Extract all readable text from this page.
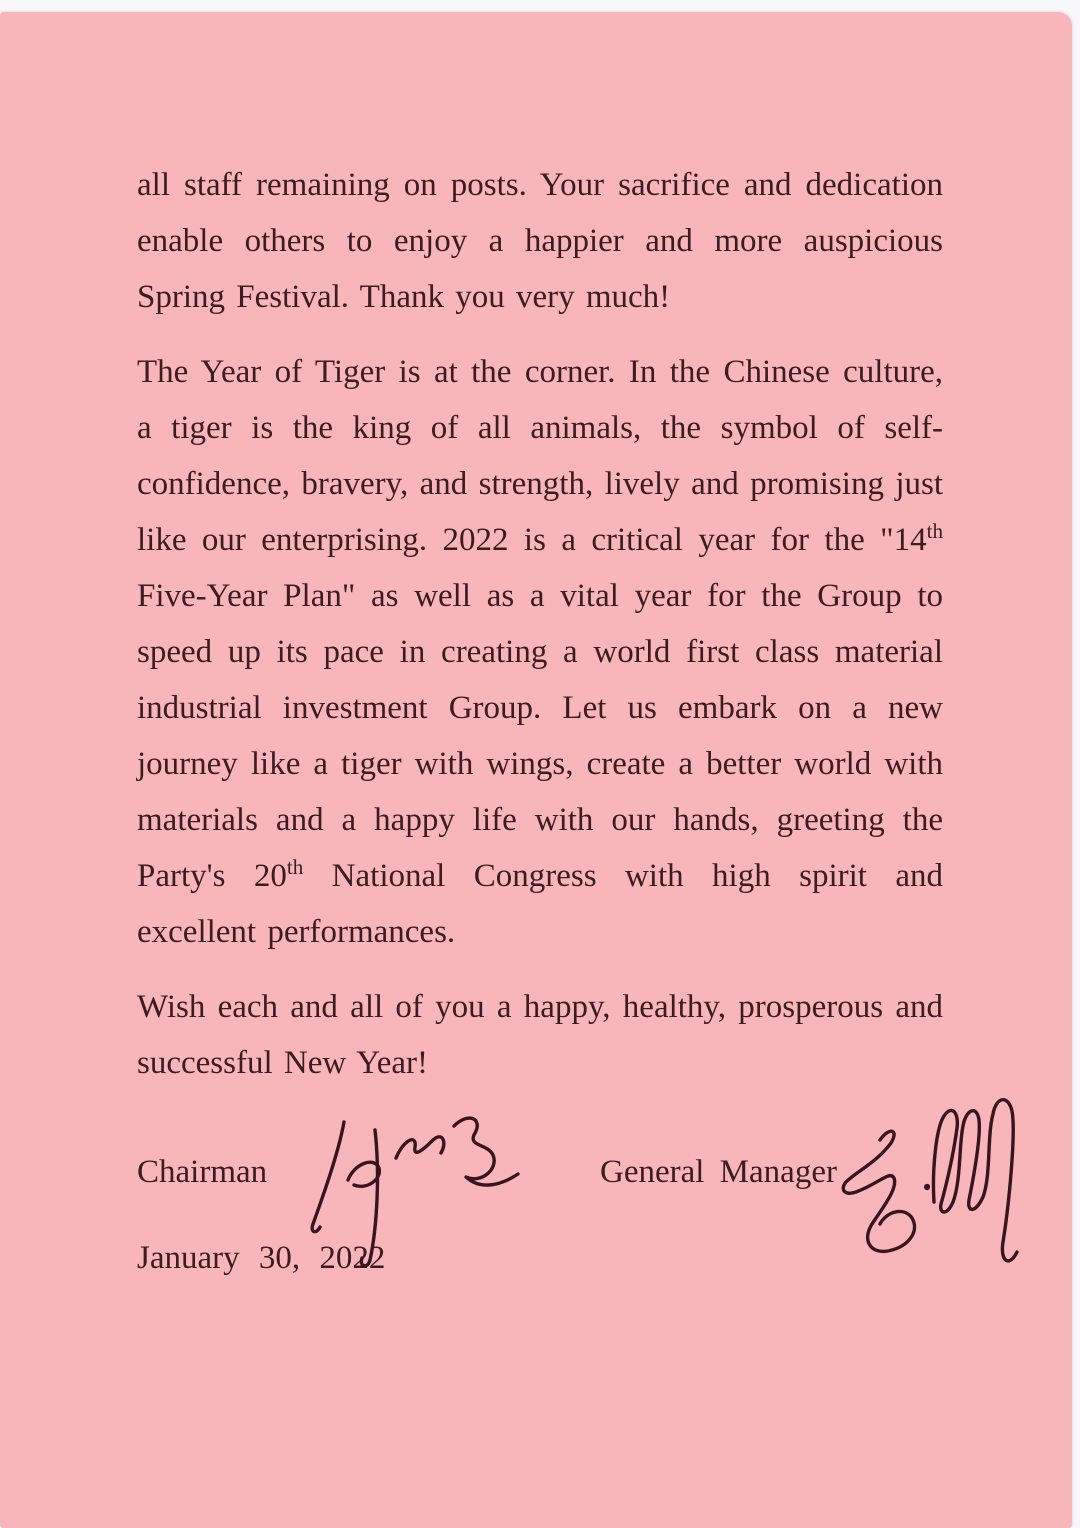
all staff remaining on posts. Your sacrifice and dedication enable others to enjoy a happier and more auspicious Spring Festival. Thank you very much!

The Year of Tiger is at the corner. In the Chinese culture, a tiger is the king of all animals, the symbol of self-confidence, bravery, and strength, lively and promising just like our enterprising. 2022 is a critical year for the "14th Five-Year Plan" as well as a vital year for the Group to speed up its pace in creating a world first class material industrial investment Group. Let us embark on a new journey like a tiger with wings, create a better world with materials and a happy life with our hands, greeting the Party's 20th National Congress with high spirit and excellent performances.

Wish each and all of you a happy, healthy, prosperous and successful New Year!

Chairman	General Manager
January 30, 2022
